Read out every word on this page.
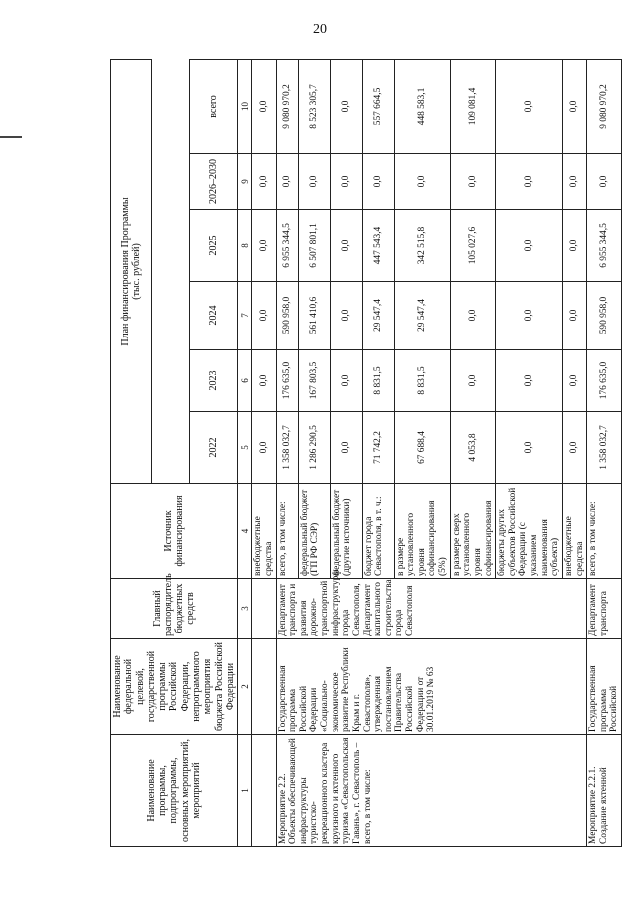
20
Наименование программы, подпрограммы, основных мероприятий, мероприятий	Наименование федеральной целевой, государственной программы Российской Федерации, непрограммного мероприятия бюджета Российской Федерации	Главный распорядитель бюджетных средств	Источник финансирования	План финансирования Программы
(тыс. рублей)					

				2022	2023	2024	2025	2026–2030	всего
1	2	3	4	5	6	7	8	9	10
			внебюджетные средства	0,0	0,0	0,0	0,0	0,0	0,0
Мероприятие 2.2. Объекты обеспечивающей инфраструктуры туристско-рекреационного кластера круизного и яхтенного туризма «Севастопольская Гавань», г. Севастополь – всего, в том числе:	Государственная программа Российской Федерации «Социально-экономическое развитие Республики Крым и г. Севастополя», утвержденная постановлением Правительства Российской Федерации от 30.01.2019 № 63	Департамент транспорта и развития дорожно-транспортной инфраструктуры города Севастополя, Департамент капитального строительства города Севастополя	всего, в том числе:	1 358 032,7	176 635,0	590 958,0	6 955 344,5	0,0	9 080 970,2
			федеральный бюджет (ГП РФ СЭР)	1 286 290,5	167 803,5	561 410,6	6 507 801,1	0,0	8 523 305,7
			федеральный бюджет (другие источники)	0,0	0,0	0,0	0,0	0,0	0,0
			бюджет города Севастополя, в т. ч.:	71 742,2	8 831,5	29 547,4	447 543,4	0,0	557 664,5
			в размере установленного уровня софинансирования (5%)	67 688,4	8 831,5	29 547,4	342 515,8	0,0	448 583,1
			в размере сверх установленного уровня софинансирования	4 053,8	0,0	0,0	105 027,6	0,0	109 081,4
			бюджеты других субъектов Российской Федерации (с указанием наименования субъекта)	0,0	0,0	0,0	0,0	0,0	0,0
			внебюджетные средства	0,0	0,0	0,0	0,0	0,0	0,0
Мероприятие 2.2.1. Создание яхтенной	Государственная программа Российской	Департамент транспорта	всего, в том числе:	1 358 032,7	176 635,0	590 958,0	6 955 344,5	0,0	9 080 970,2
